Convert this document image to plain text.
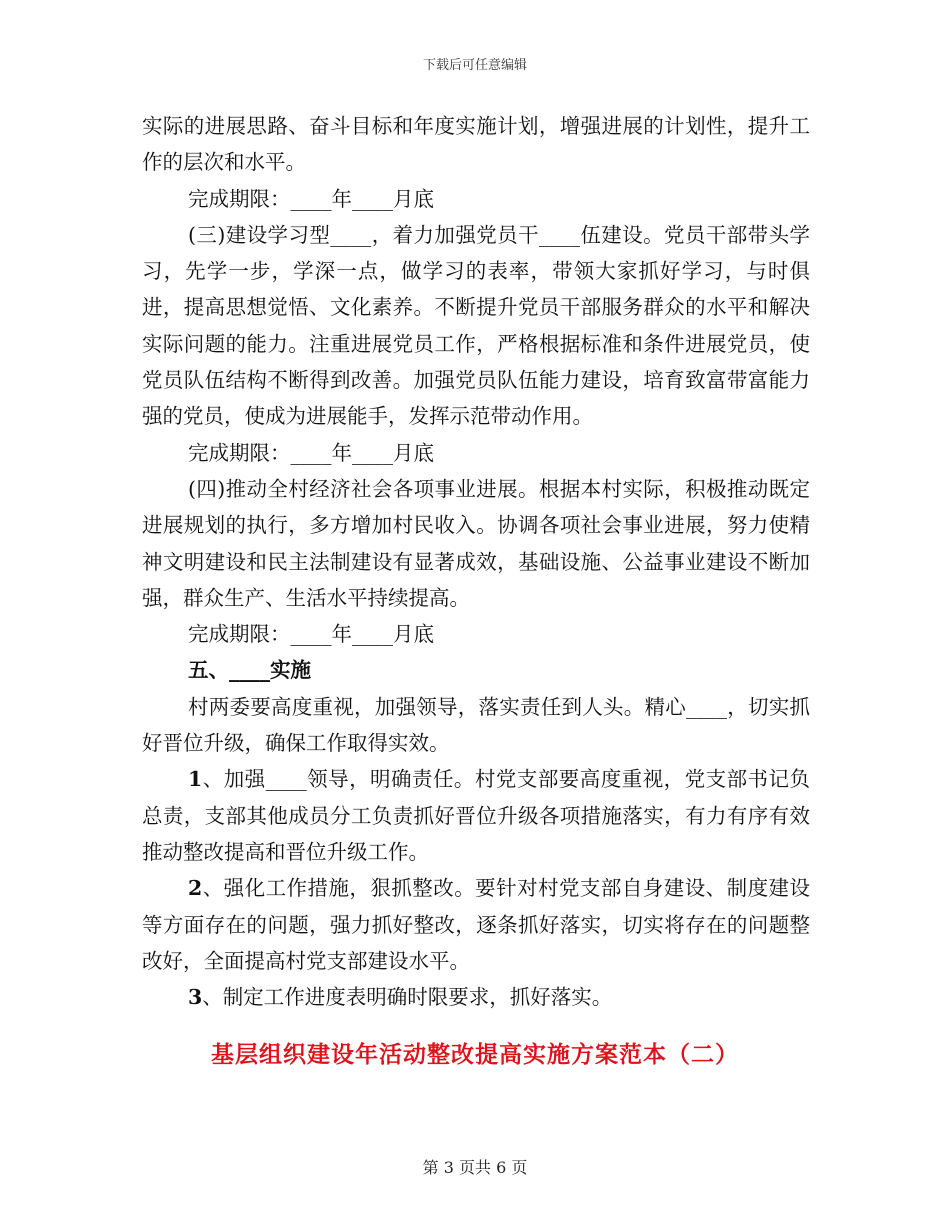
下载后可任意编辑

实际的进展思路、奋斗目标和年度实施计划，增强进展的计划性，提升工作的层次和水平。

完成期限：____年____月底

(三)建设学习型____，着力加强党员干____伍建设。党员干部带头学习，先学一步，学深一点，做学习的表率，带领大家抓好学习，与时俱进，提高思想觉悟、文化素养。不断提升党员干部服务群众的水平和解决实际问题的能力。注重进展党员工作，严格根据标准和条件进展党员，使党员队伍结构不断得到改善。加强党员队伍能力建设，培育致富带富能力强的党员，使成为进展能手，发挥示范带动作用。

完成期限：____年____月底

(四)推动全村经济社会各项事业进展。根据本村实际，积极推动既定进展规划的执行，多方增加村民收入。协调各项社会事业进展，努力使精神文明建设和民主法制建设有显著成效，基础设施、公益事业建设不断加强，群众生产、生活水平持续提高。

完成期限：____年____月底

五、____实施

村两委要高度重视，加强领导，落实责任到人头。精心____，切实抓好晋位升级，确保工作取得实效。

1、加强____领导，明确责任。村党支部要高度重视，党支部书记负总责，支部其他成员分工负责抓好晋位升级各项措施落实，有力有序有效推动整改提高和晋位升级工作。

2、强化工作措施，狠抓整改。要针对村党支部自身建设、制度建设等方面存在的问题，强力抓好整改，逐条抓好落实，切实将存在的问题整改好，全面提高村党支部建设水平。

3、制定工作进度表明确时限要求，抓好落实。

基层组织建设年活动整改提高实施方案范本（二）
第 3 页共 6 页
